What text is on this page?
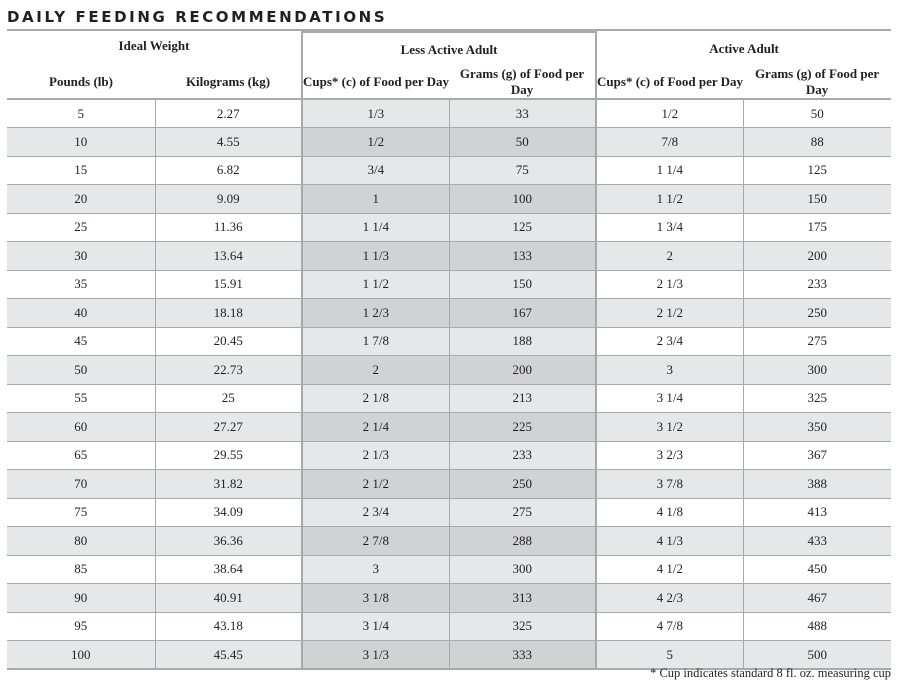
DAILY FEEDING RECOMMENDATIONS
Ideal Weight		Less Active Adult		Active Adult	
Pounds (lb)	Kilograms (kg)	Cups* (c) of Food per Day	Grams (g) of Food per Day	Cups* (c) of Food per Day	Grams (g) of Food per Day
5	2.27	1/3	33	1/2	50
10	4.55	1/2	50	7/8	88
15	6.82	3/4	75	1 1/4	125
20	9.09	1	100	1 1/2	150
25	11.36	1 1/4	125	1 3/4	175
30	13.64	1 1/3	133	2	200
35	15.91	1 1/2	150	2 1/3	233
40	18.18	1 2/3	167	2 1/2	250
45	20.45	1 7/8	188	2 3/4	275
50	22.73	2	200	3	300
55	25	2 1/8	213	3 1/4	325
60	27.27	2 1/4	225	3 1/2	350
65	29.55	2 1/3	233	3 2/3	367
70	31.82	2 1/2	250	3 7/8	388
75	34.09	2 3/4	275	4 1/8	413
80	36.36	2 7/8	288	4 1/3	433
85	38.64	3	300	4 1/2	450
90	40.91	3 1/8	313	4 2/3	467
95	43.18	3 1/4	325	4 7/8	488
100	45.45	3 1/3	333	5	500

* Cup indicates standard 8 fl. oz. measuring cup
